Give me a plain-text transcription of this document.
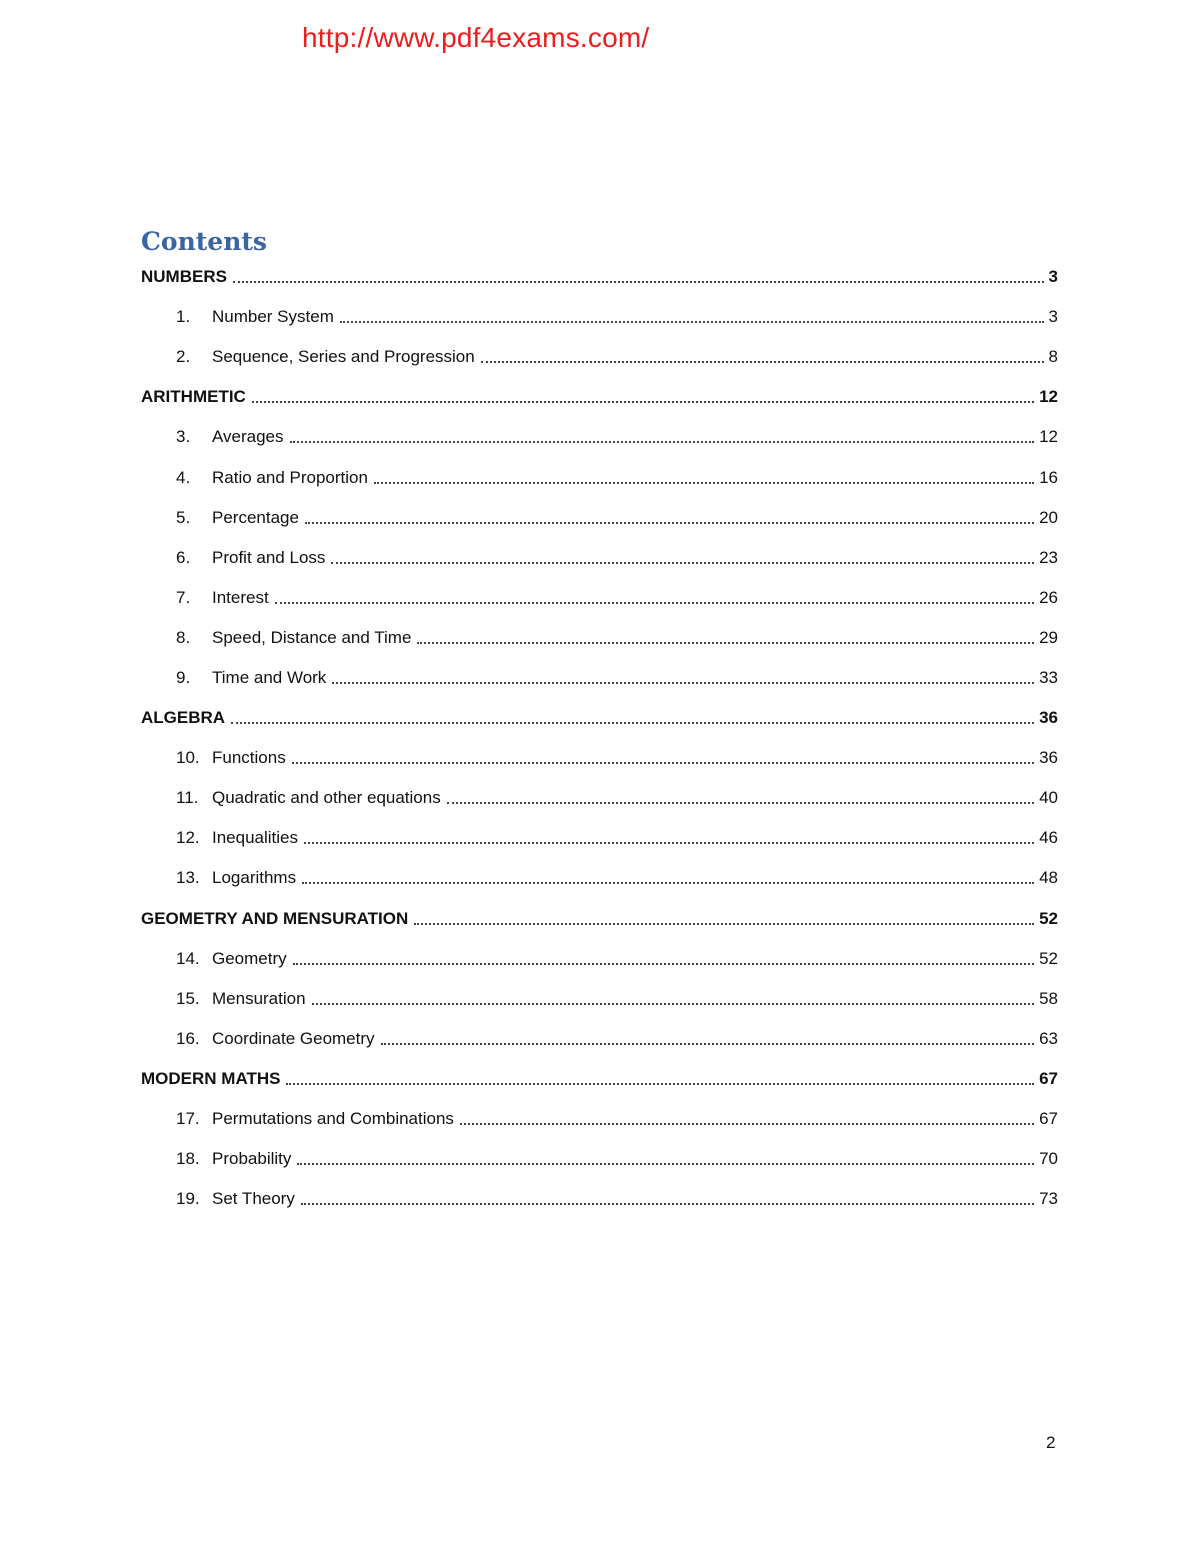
http://www.pdf4exams.com/
Contents
NUMBERS	3
1.	Number System	3
2.	Sequence, Series and Progression	8
ARITHMETIC	12
3.	Averages	12
4.	Ratio and Proportion	16
5.	Percentage	20
6.	Profit and Loss	23
7.	Interest	26
8.	Speed, Distance and Time	29
9.	Time and Work	33
ALGEBRA	36
10. Functions	36
11. Quadratic and other equations	40
12. Inequalities	46
13. Logarithms	48
GEOMETRY AND MENSURATION	52
14. Geometry	52
15. Mensuration	58
16. Coordinate Geometry	63
MODERN MATHS	67
17. Permutations and Combinations	67
18. Probability	70
19. Set Theory	73
2
